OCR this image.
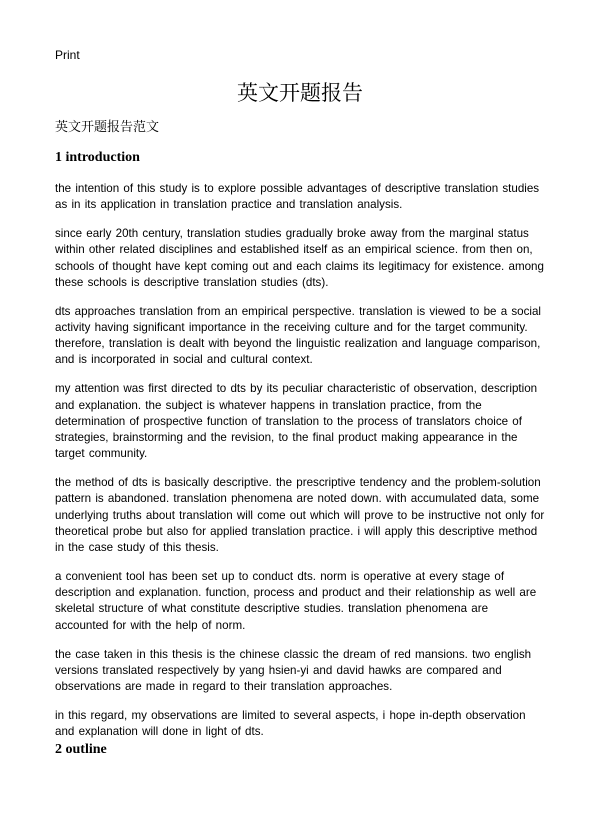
Print
英文开题报告
英文开题报告范文
1 introduction

the intention of this study is to explore possible advantages of descriptive translation studies as in its application in translation practice and translation analysis.

since early 20th century, translation studies gradually broke away from the marginal status within other related disciplines and established itself as an empirical science. from then on, schools of thought have kept coming out and each claims its legitimacy for existence. among these schools is descriptive translation studies (dts).

dts approaches translation from an empirical perspective. translation is viewed to be a social activity having significant importance in the receiving culture and for the target community. therefore, translation is dealt with beyond the linguistic realization and language comparison, and is incorporated in social and cultural context.

my attention was first directed to dts by its peculiar characteristic of observation, description and explanation. the subject is whatever happens in translation practice, from the determination of prospective function of translation to the process of translators choice of strategies, brainstorming and the revision, to the final product making appearance in the target community.

the method of dts is basically descriptive. the prescriptive tendency and the problem-solution pattern is abandoned. translation phenomena are noted down. with accumulated data, some underlying truths about translation will come out which will prove to be instructive not only for theoretical probe but also for applied translation practice. i will apply this descriptive method in the case study of this thesis.

a convenient tool has been set up to conduct dts. norm is operative at every stage of description and explanation. function, process and product and their relationship as well are skeletal structure of what constitute descriptive studies. translation phenomena are accounted for with the help of norm.

the case taken in this thesis is the chinese classic the dream of red mansions. two english versions translated respectively by yang hsien-yi and david hawks are compared and observations are made in regard to their translation approaches.

in this regard, my observations are limited to several aspects, i hope in-depth observation and explanation will done in light of dts.

2 outline
